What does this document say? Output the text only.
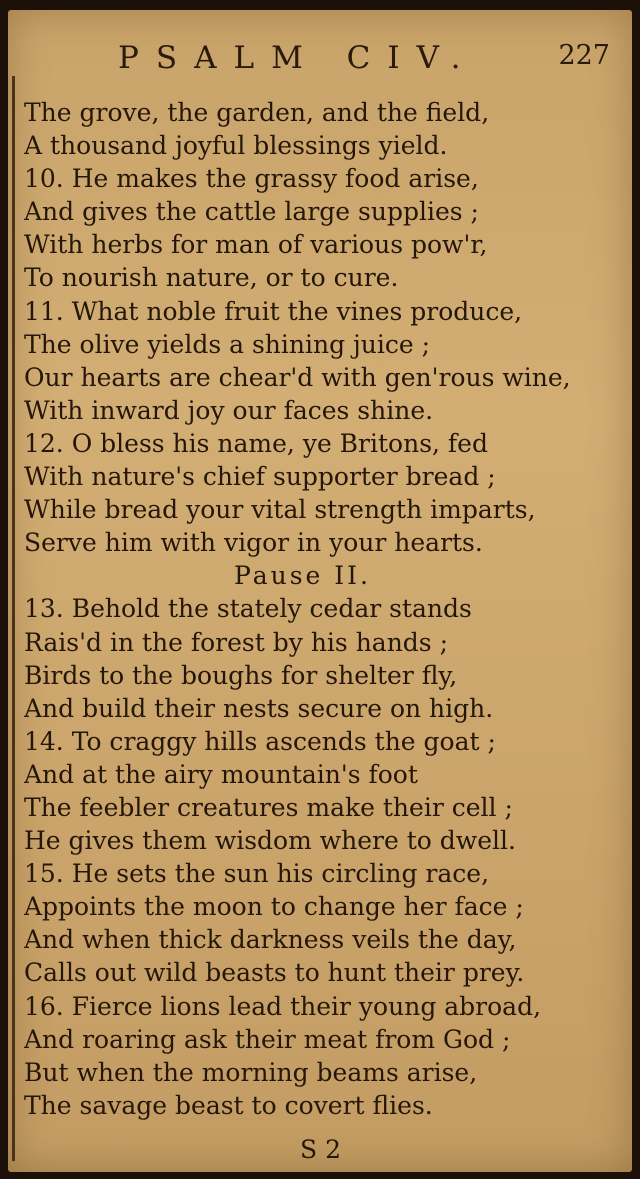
PSALM CIV.	227
The grove, the garden, and the field,
A thousand joyful blessings yield.
10. He makes the grassy food arise,
And gives the cattle large supplies ;
With herbs for man of various pow'r,
To nourish nature, or to cure.
11. What noble fruit the vines produce,
The olive yields a shining juice ;
Our hearts are chear'd with gen'rous wine,
With inward joy our faces shine.
12. O bless his name, ye Britons, fed
With nature's chief supporter bread ;
While bread your vital strength imparts,
Serve him with vigor in your hearts.
Pause II.
13. Behold the stately cedar stands
Rais'd in the forest by his hands ;
Birds to the boughs for shelter fly,
And build their nests secure on high.
14. To craggy hills ascends the goat ;
And at the airy mountain's foot
The feebler creatures make their cell ;
He gives them wisdom where to dwell.
15. He sets the sun his circling race,
Appoints the moon to change her face ;
And when thick darkness veils the day,
Calls out wild beasts to hunt their prey.
16. Fierce lions lead their young abroad,
And roaring ask their meat from God ;
But when the morning beams arise,
The savage beast to covert flies.
S 2
